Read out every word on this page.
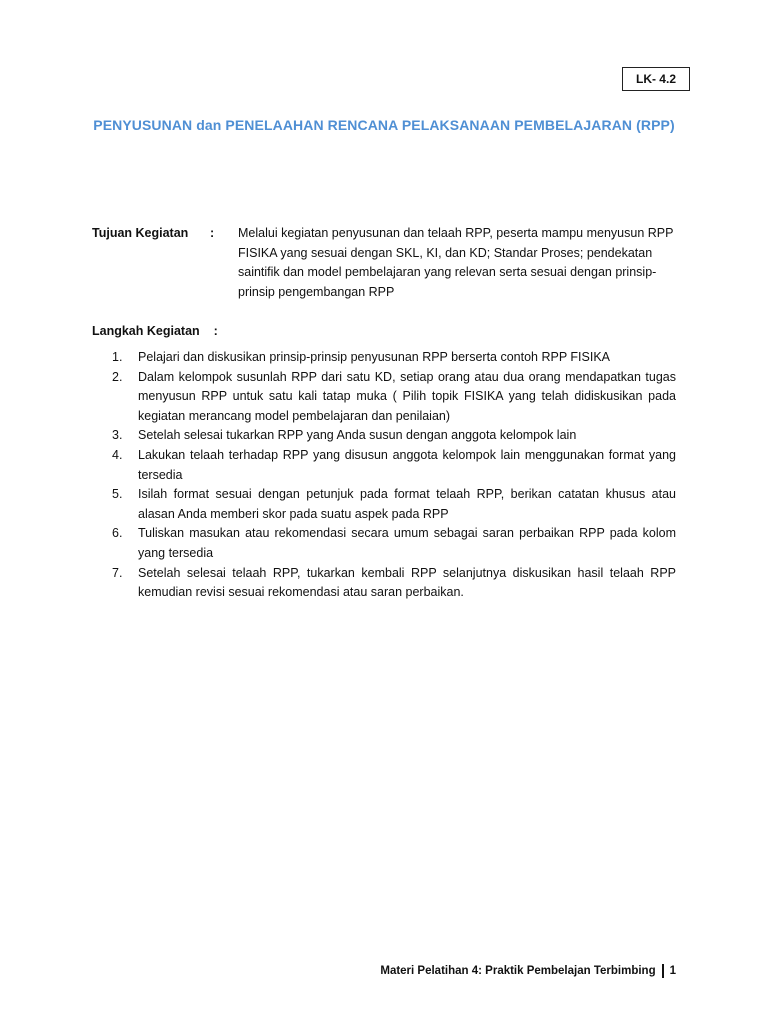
LK- 4.2
PENYUSUNAN dan PENELAAHAN RENCANA PELAKSANAAN PEMBELAJARAN (RPP)
Tujuan Kegiatan : Melalui kegiatan penyusunan dan telaah RPP, peserta mampu menyusun RPP FISIKA yang sesuai dengan SKL, KI, dan KD; Standar Proses; pendekatan saintifik dan model pembelajaran yang relevan serta sesuai dengan prinsip-prinsip pengembangan RPP
Langkah Kegiatan :
1. Pelajari dan diskusikan prinsip-prinsip penyusunan RPP berserta contoh RPP FISIKA
2. Dalam kelompok susunlah RPP dari satu KD, setiap orang atau dua orang mendapatkan tugas menyusun RPP untuk satu kali tatap muka ( Pilih topik FISIKA yang telah didiskusikan pada kegiatan merancang model pembelajaran dan penilaian)
3. Setelah selesai tukarkan RPP yang Anda susun dengan anggota kelompok lain
4. Lakukan telaah terhadap RPP yang disusun anggota kelompok lain menggunakan format yang tersedia
5. Isilah format sesuai dengan petunjuk pada format telaah RPP, berikan catatan khusus atau alasan Anda memberi skor pada suatu aspek pada RPP
6. Tuliskan masukan atau rekomendasi secara umum sebagai saran perbaikan RPP pada kolom yang tersedia
7. Setelah selesai telaah RPP, tukarkan kembali RPP selanjutnya diskusikan hasil telaah RPP kemudian revisi sesuai rekomendasi atau saran perbaikan.
Materi Pelatihan 4: Praktik Pembelajan Terbimbing 1
